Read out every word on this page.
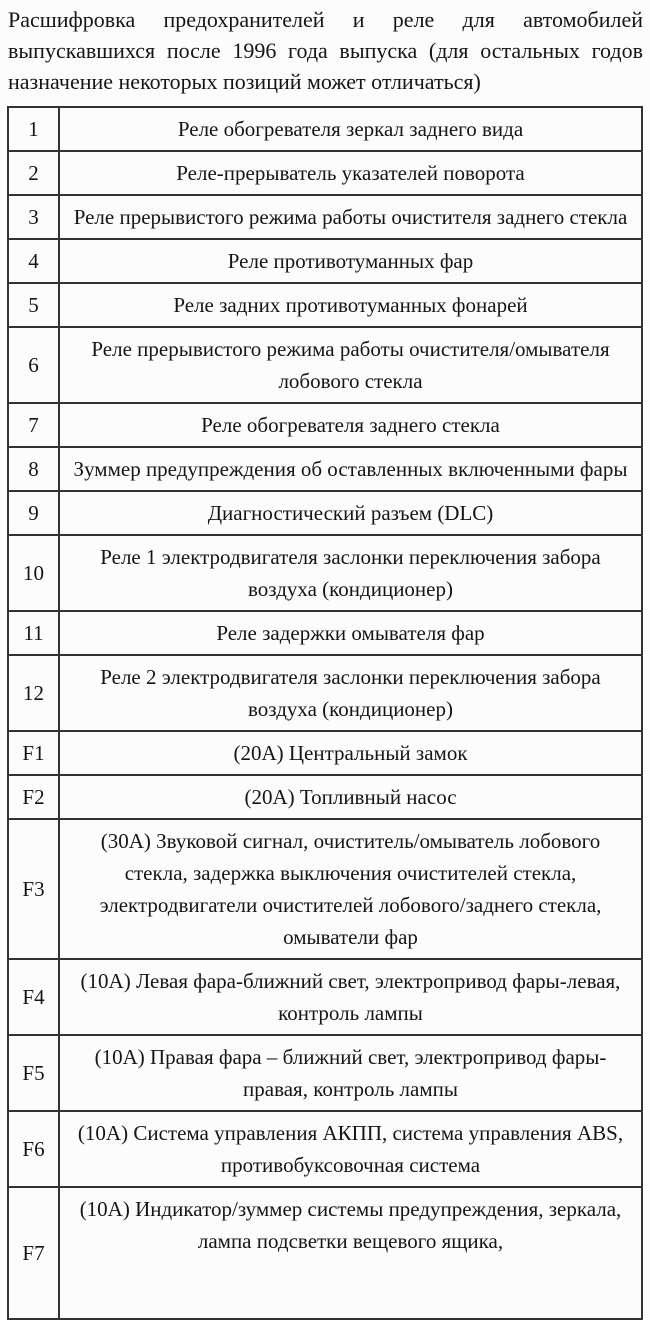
Расшифровка предохранителей и реле для автомобилей выпускавшихся после 1996 года выпуска (для остальных годов назначение некоторых позиций может отличаться)

1	Реле обогревателя зеркал заднего вида
2	Реле-прерыватель указателей поворота
3	Реле прерывистого режима работы очистителя заднего стекла
4	Реле противотуманных фар
5	Реле задних противотуманных фонарей
6	Реле прерывистого режима работы очистителя/омывателя лобового стекла
7	Реле обогревателя заднего стекла
8	Зуммер предупреждения об оставленных включенными фары
9	Диагностический разъем (DLC)
10	Реле 1 электродвигателя заслонки переключения забора воздуха (кондиционер)
11	Реле задержки омывателя фар
12	Реле 2 электродвигателя заслонки переключения забора воздуха (кондиционер)
F1	(20A) Центральный замок
F2	(20A) Топливный насос
F3	(30A) Звуковой сигнал, очиститель/омыватель лобового стекла, задержка выключения очистителей стекла, электродвигатели очистителей лобового/заднего стекла, омыватели фар
F4	(10A) Левая фара-ближний свет, электропривод фары-левая, контроль лампы
F5	(10A) Правая фара – ближний свет, электропривод фары- правая, контроль лампы
F6	(10A) Система управления АКПП, система управления ABS, противобуксовочная система
F7	(10A) Индикатор/зуммер системы предупреждения, зеркала, лампа подсветки вещевого ящика,
